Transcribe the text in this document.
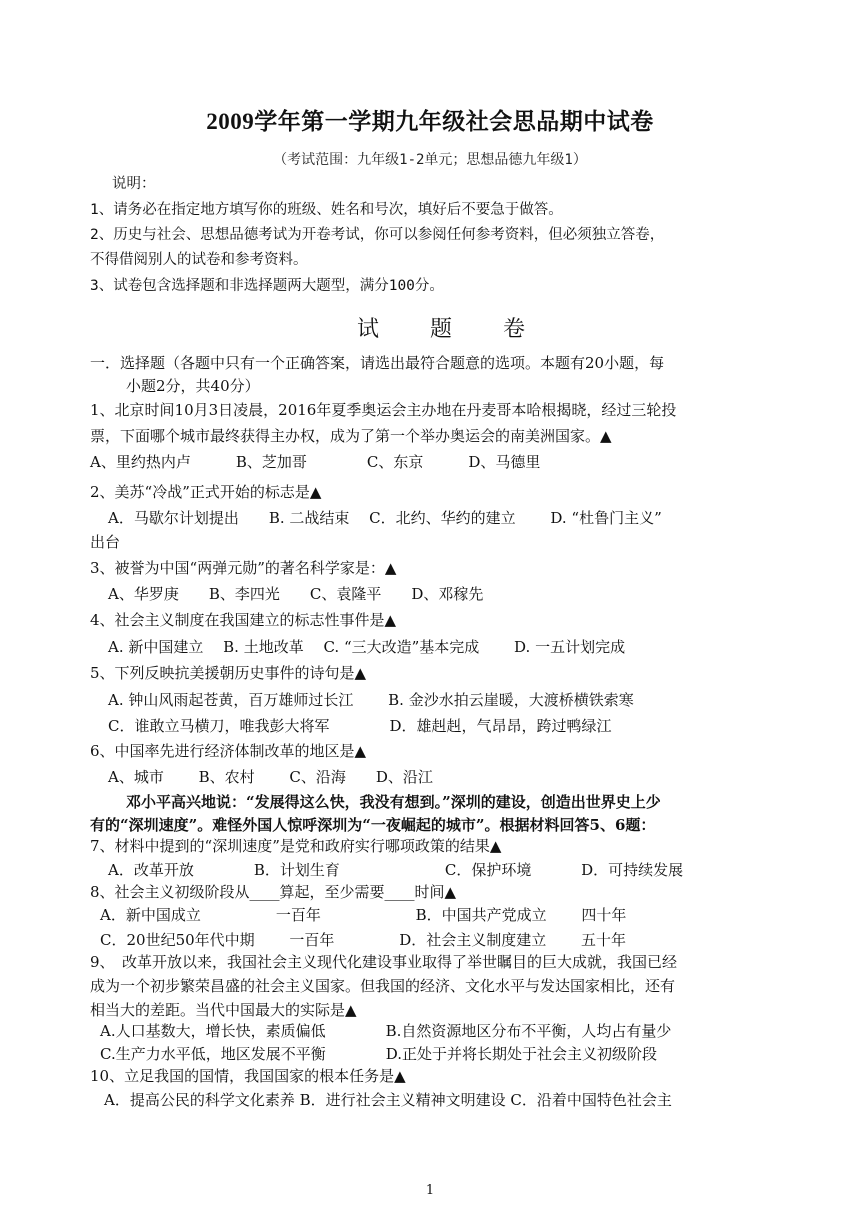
2009学年第一学期九年级社会思品期中试卷
（考试范围：九年级1-2单元；思想品德九年级1）
说明：
1、请务必在指定地方填写你的班级、姓名和号次，填好后不要急于做答。
2、历史与社会、思想品德考试为开卷考试，你可以参阅任何参考资料，但必须独立答卷，
不得借阅别人的试卷和参考资料。
3、试卷包含选择题和非选择题两大题型，满分100分。
试 题 卷
一．选择题（各题中只有一个正确答案，请选出最符合题意的选项。本题有20小题，每
小题2分，共40分）
1、北京时间10月3日凌晨，2016年夏季奥运会主办地在丹麦哥本哈根揭晓，经过三轮投
票，下面哪个城市最终获得主办权，成为了第一个举办奥运会的南美洲国家。▲
A、里约热内卢　　　B、芝加哥　　　　C、东京　　　D、马德里
2、美苏“冷战”正式开始的标志是▲
A．马歇尔计划提出　　B. 二战结束　 C．北约、华约的建立　　 D. “杜鲁门主义”
出台
3、被誉为中国“两弹元勋”的著名科学家是：▲
A、华罗庚　　B、李四光　　C、袁隆平　　D、邓稼先
4、社会主义制度在我国建立的标志性事件是▲
A. 新中国建立　 B. 土地改革　 C. “三大改造”基本完成　　 D. 一五计划完成
5、下列反映抗美援朝历史事件的诗句是▲
A. 钟山风雨起苍黄，百万雄师过长江　　 B. 金沙水拍云崖暖，大渡桥横铁索寒
C．谁敢立马横刀，唯我彭大将军　　　　D．雄赳赳，气昂昂，跨过鸭绿江
6、中国率先进行经济体制改革的地区是▲
A、城市　　 B、农村　　 C、沿海　　D、沿江
邓小平高兴地说：“发展得这么快，我没有想到。”深圳的建设，创造出世界史上少
有的“深圳速度”。难怪外国人惊呼深圳为“一夜崛起的城市”。根据材料回答5、6题：
7、材料中提到的“深圳速度”是党和政府实行哪项政策的结果▲
A．改革开放　　　　B．计划生育　　　　　　　C．保护环境　　　 D．可持续发展
8、社会主义初级阶段从____算起，至少需要____时间▲
A．新中国成立　　　　　一百年　　　　　　 B．中国共产党成立　　 四十年
C．20世纪50年代中期　　 一百年　　　　 D．社会主义制度建立　　 五十年
9、　改革开放以来，我国社会主义现代化建设事业取得了举世瞩目的巨大成就，我国已经
成为一个初步繁荣昌盛的社会主义国家。但我国的经济、文化水平与发达国家相比，还有
相当大的差距。当代中国最大的实际是▲
A.人口基数大，增长快，素质偏低　　　　B.自然资源地区分布不平衡，人均占有量少
C.生产力水平低，地区发展不平衡　　　　D.正处于并将长期处于社会主义初级阶段
10、立足我国的国情，我国国家的根本任务是▲
A．提高公民的科学文化素养 B．进行社会主义精神文明建设 C．沿着中国特色社会主
1
